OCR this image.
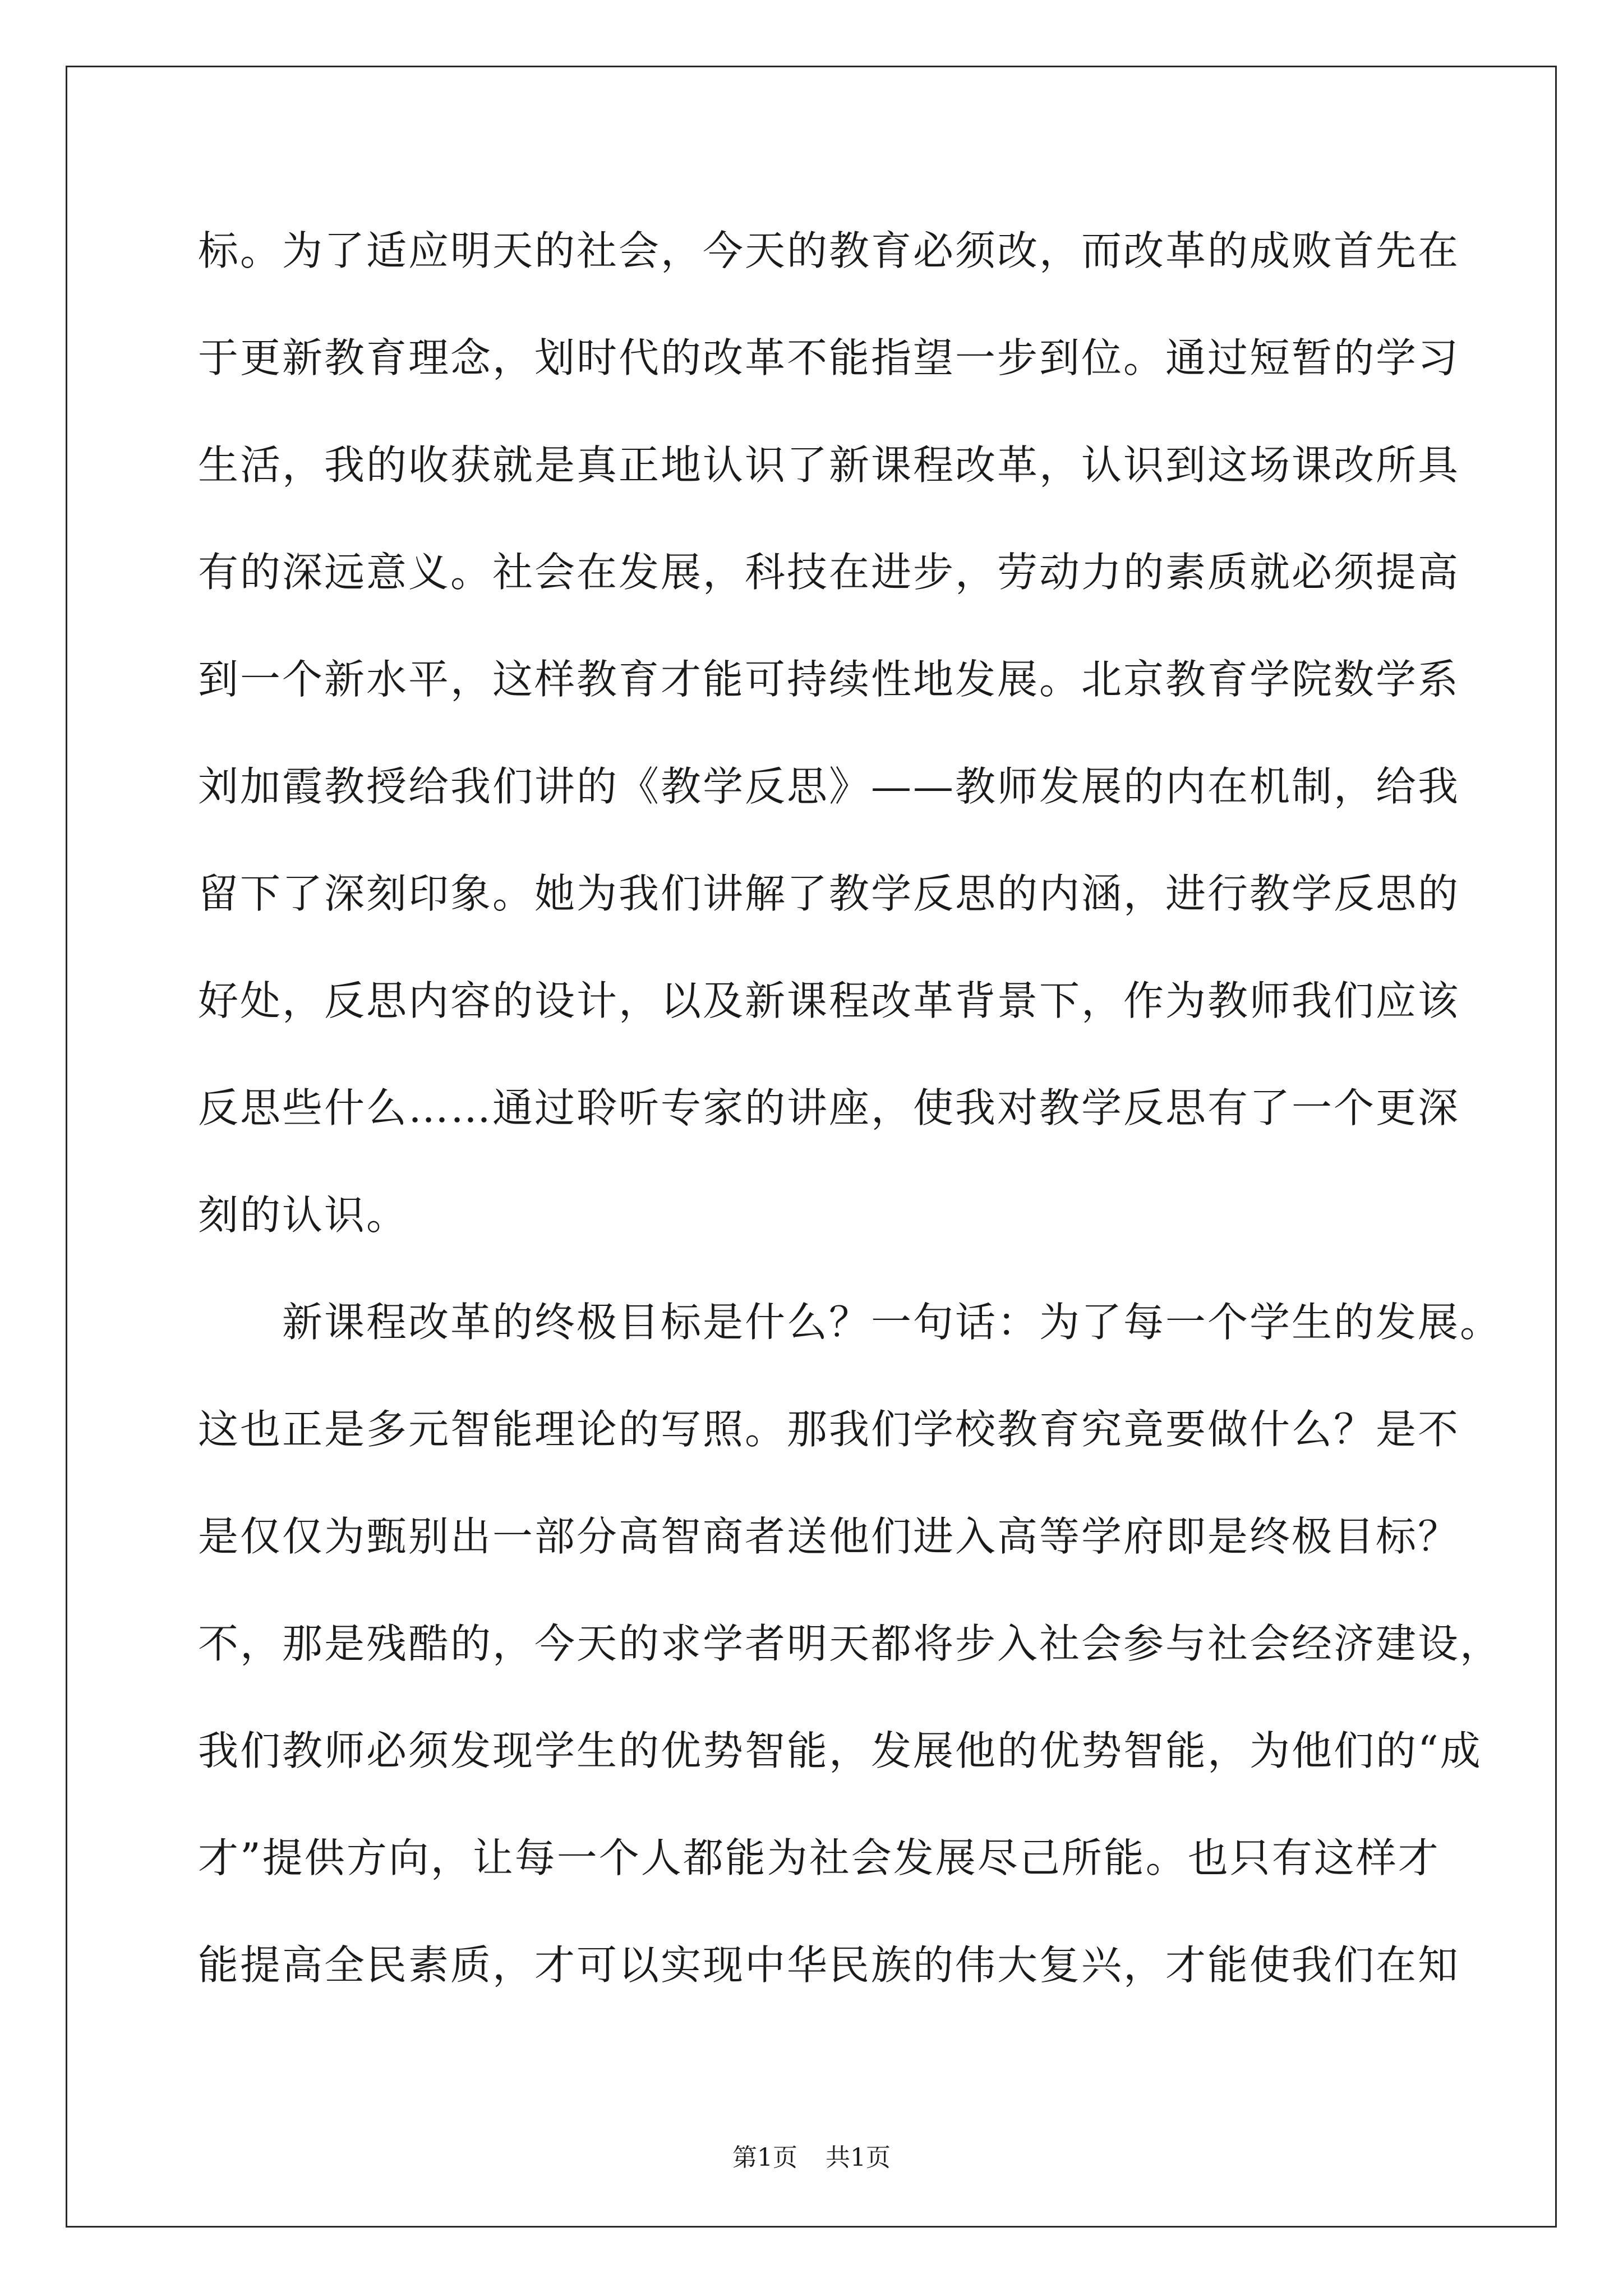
标。为了适应明天的社会，今天的教育必须改，而改革的成败首先在
于更新教育理念，划时代的改革不能指望一步到位。通过短暂的学习
生活，我的收获就是真正地认识了新课程改革，认识到这场课改所具
有的深远意义。社会在发展，科技在进步，劳动力的素质就必须提高
到一个新水平，这样教育才能可持续性地发展。北京教育学院数学系
刘加霞教授给我们讲的《教学反思》——教师发展的内在机制，给我
留下了深刻印象。她为我们讲解了教学反思的内涵，进行教学反思的
好处，反思内容的设计，以及新课程改革背景下，作为教师我们应该
反思些什么……通过聆听专家的讲座，使我对教学反思有了一个更深
刻的认识。
　　新课程改革的终极目标是什么？一句话：为了每一个学生的发展。
这也正是多元智能理论的写照。那我们学校教育究竟要做什么？是不
是仅仅为甄别出一部分高智商者送他们进入高等学府即是终极目标？
不，那是残酷的，今天的求学者明天都将步入社会参与社会经济建设，
我们教师必须发现学生的优势智能，发展他的优势智能，为他们的“成
才”提供方向，让每一个人都能为社会发展尽己所能。也只有这样才
能提高全民素质，才可以实现中华民族的伟大复兴，才能使我们在知
第1页 共1页
